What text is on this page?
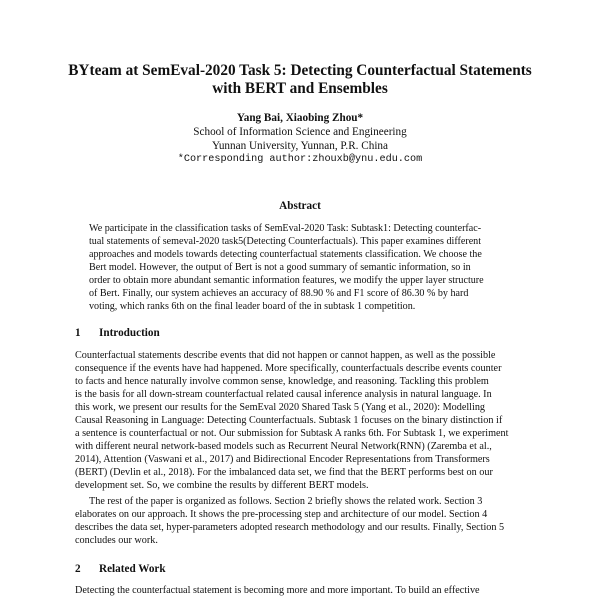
BYteam at SemEval-2020 Task 5: Detecting Counterfactual Statements
with BERT and Ensembles
Yang Bai, Xiaobing Zhou*
School of Information Science and Engineering
Yunnan University, Yunnan, P.R. China
*Corresponding author:zhouxb@ynu.edu.com
Abstract
We participate in the classification tasks of SemEval-2020 Task: Subtask1: Detecting counterfac-
tual statements of semeval-2020 task5(Detecting Counterfactuals). This paper examines different
approaches and models towards detecting counterfactual statements classification. We choose the
Bert model. However, the output of Bert is not a good summary of semantic information, so in
order to obtain more abundant semantic information features, we modify the upper layer structure
of Bert. Finally, our system achieves an accuracy of 88.90 % and F1 score of 86.30 % by hard
voting, which ranks 6th on the final leader board of the in subtask 1 competition.
1 Introduction
Counterfactual statements describe events that did not happen or cannot happen, as well as the possible
consequence if the events have had happened. More specifically, counterfactuals describe events counter
to facts and hence naturally involve common sense, knowledge, and reasoning. Tackling this problem
is the basis for all down-stream counterfactual related causal inference analysis in natural language. In
this work, we present our results for the SemEval 2020 Shared Task 5 (Yang et al., 2020): Modelling
Causal Reasoning in Language: Detecting Counterfactuals. Subtask 1 focuses on the binary distinction if
a sentence is counterfactual or not. Our submission for Subtask A ranks 6th. For Subtask 1, we experiment
with different neural network-based models such as Recurrent Neural Network(RNN) (Zaremba et al.,
2014), Attention (Vaswani et al., 2017) and Bidirectional Encoder Representations from Transformers
(BERT) (Devlin et al., 2018). For the imbalanced data set, we find that the BERT performs best on our
development set. So, we combine the results by different BERT models.
The rest of the paper is organized as follows. Section 2 briefly shows the related work. Section 3
elaborates on our approach. It shows the pre-processing step and architecture of our model. Section 4
describes the data set, hyper-parameters adopted research methodology and our results. Finally, Section 5
concludes our work.
2 Related Work
Detecting the counterfactual statement is becoming more and more important. To build an effective
